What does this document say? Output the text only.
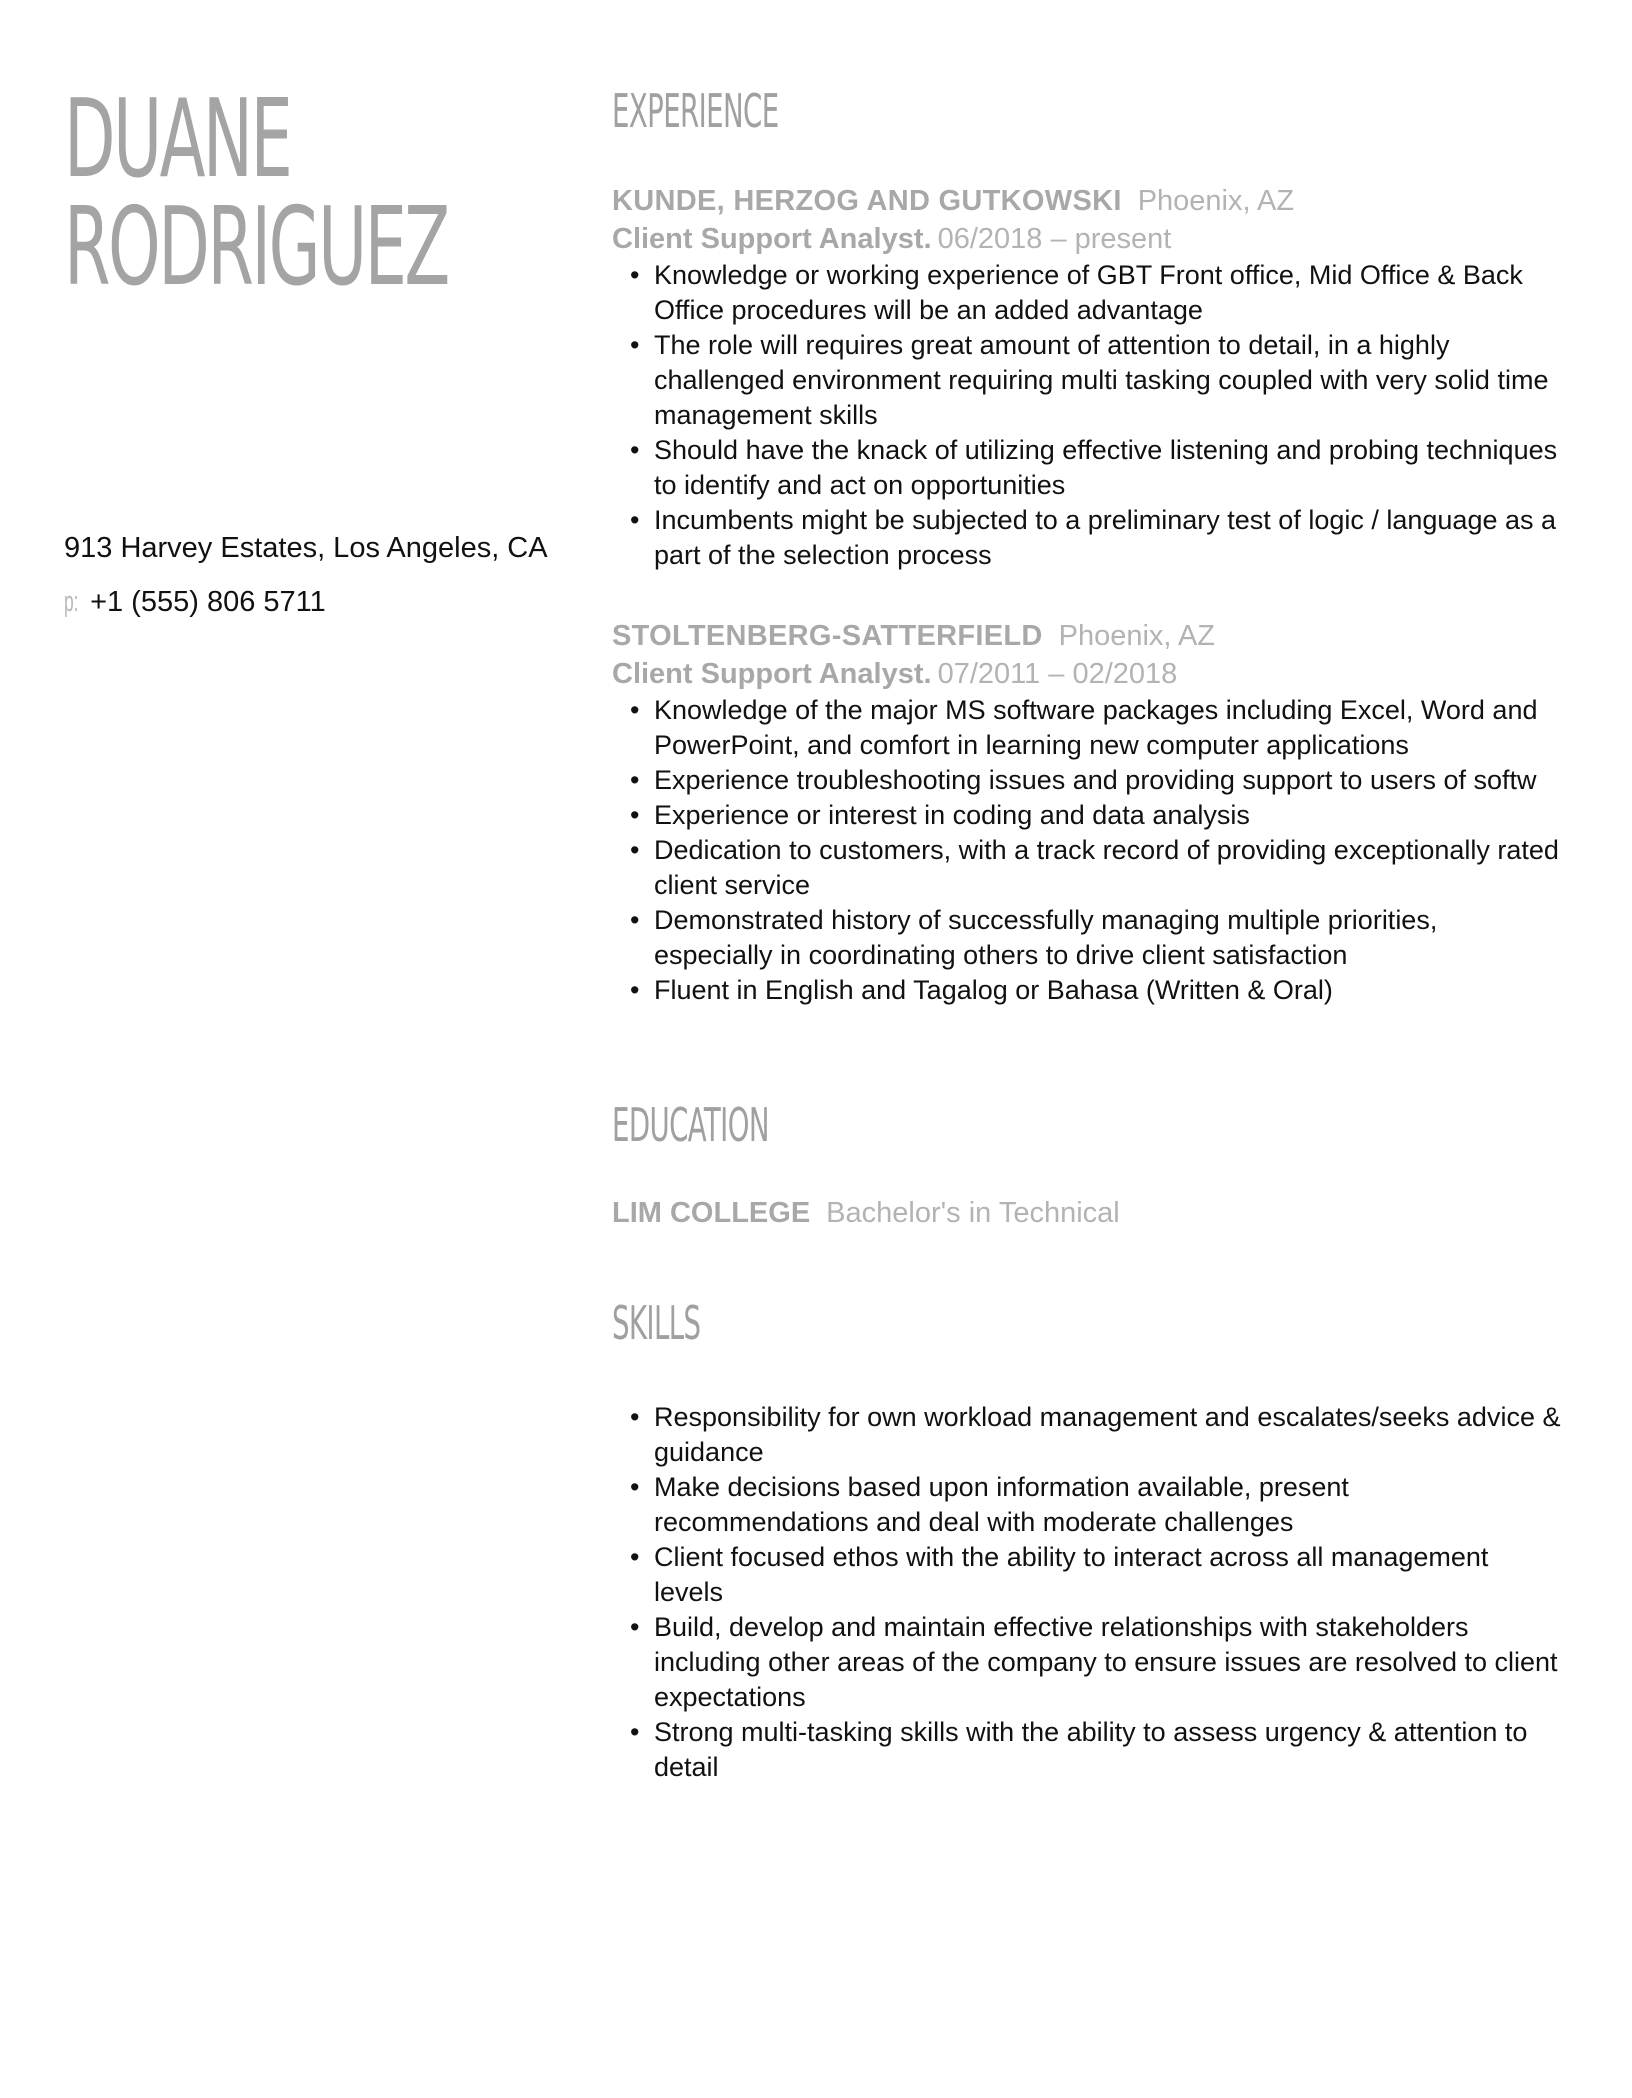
DUANE
RODRIGUEZ
913 Harvey Estates, Los Angeles, CA
p: +1 (555) 806 5711
EXPERIENCE
KUNDE, HERZOG AND GUTKOWSKI Phoenix, AZ
Client Support Analyst. 06/2018 – present
• Knowledge or working experience of GBT Front office, Mid Office & Back Office procedures will be an added advantage
• The role will requires great amount of attention to detail, in a highly challenged environment requiring multi tasking coupled with very solid time management skills
• Should have the knack of utilizing effective listening and probing techniques to identify and act on opportunities
• Incumbents might be subjected to a preliminary test of logic / language as a part of the selection process
STOLTENBERG-SATTERFIELD Phoenix, AZ
Client Support Analyst. 07/2011 – 02/2018
• Knowledge of the major MS software packages including Excel, Word and PowerPoint, and comfort in learning new computer applications
• Experience troubleshooting issues and providing support to users of softw
• Experience or interest in coding and data analysis
• Dedication to customers, with a track record of providing exceptionally rated client service
• Demonstrated history of successfully managing multiple priorities, especially in coordinating others to drive client satisfaction
• Fluent in English and Tagalog or Bahasa (Written & Oral)
EDUCATION
LIM COLLEGE Bachelor's in Technical
SKILLS
• Responsibility for own workload management and escalates/seeks advice & guidance
• Make decisions based upon information available, present recommendations and deal with moderate challenges
• Client focused ethos with the ability to interact across all management levels
• Build, develop and maintain effective relationships with stakeholders including other areas of the company to ensure issues are resolved to client expectations
• Strong multi-tasking skills with the ability to assess urgency & attention to detail
